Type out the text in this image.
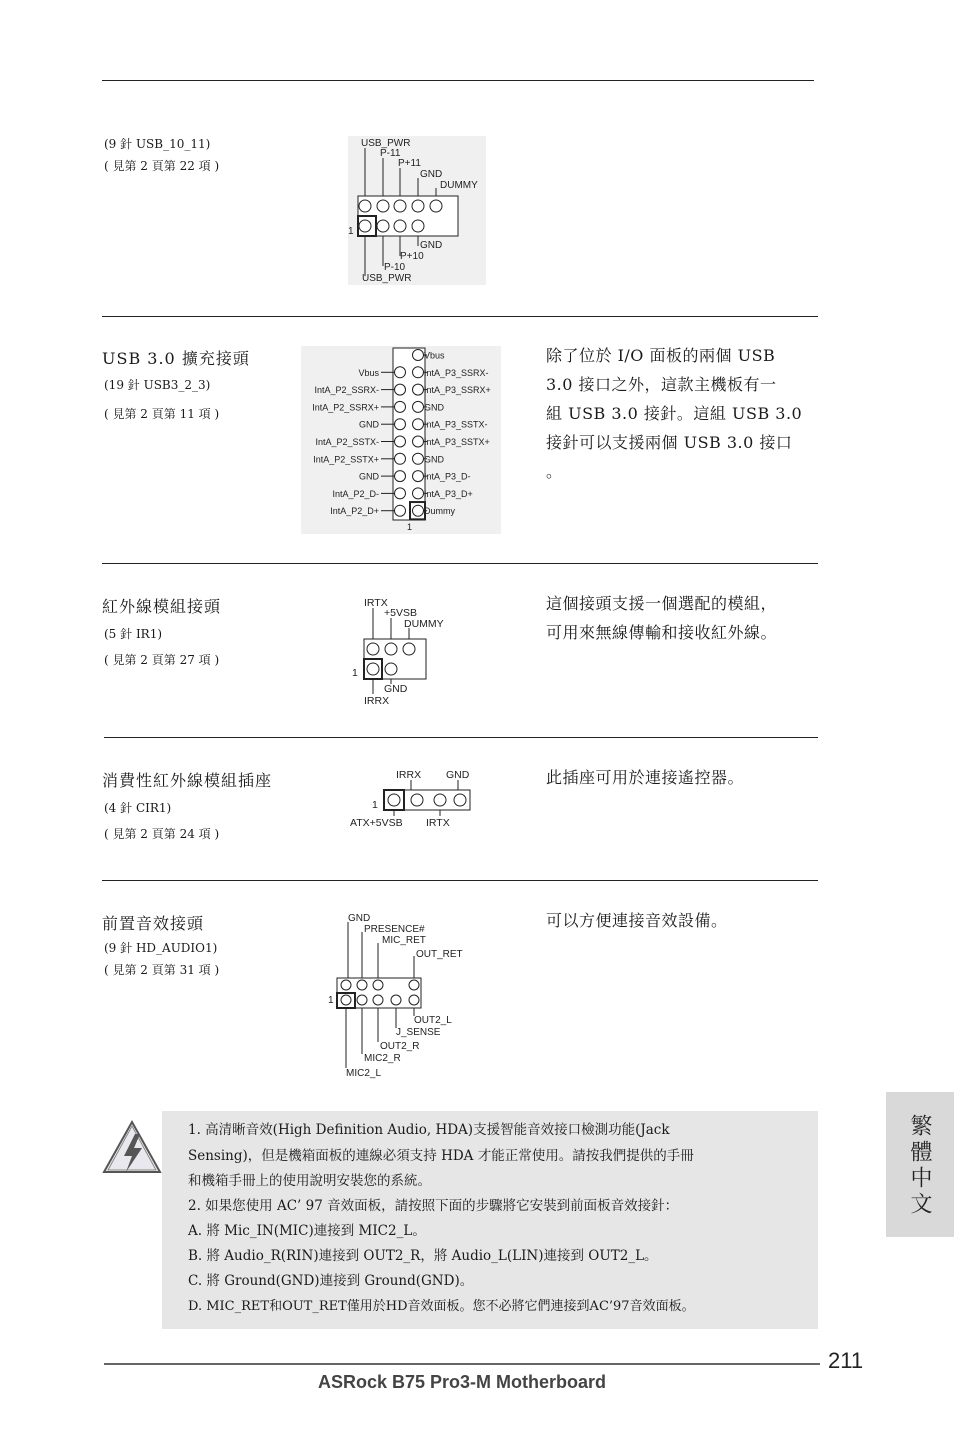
(9 針 USB_10_11)
( 見第 2 頁第 22 項 )
USB_PWR
P-11
P+11
GND
DUMMY
GND
P+10
P-10
USB_PWR
1
USB 3.0 擴充接頭
(19 針 USB3_2_3)
( 見第 2 頁第 11 項 )
Vbus
IntA_P3_SSRX-
IntA_P3_SSRX+
GND
IntA_P3_SSTX-
IntA_P3_SSTX+
GND
IntA_P3_D-
IntA_P3_D+
Dummy
Vbus
IntA_P2_SSRX-
IntA_P2_SSRX+
GND
IntA_P2_SSTX-
IntA_P2_SSTX+
GND
IntA_P2_D-
IntA_P2_D+
1
除了位於 I/O 面板的兩個 USB
3.0 接口之外，這款主機板有一
組 USB 3.0 接針。這組 USB 3.0
接針可以支援兩個 USB 3.0 接口
。
紅外線模組接頭
(5 針 IR1)
( 見第 2 頁第 27 項 )
IRTX
+5VSB
DUMMY
GND
IRRX
1
這個接頭支援一個選配的模組，
可用來無線傳輸和接收紅外線。
消費性紅外線模組插座
(4 針 CIR1)
( 見第 2 頁第 24 項 )
IRRX GND
ATX+5VSB IRTX
1
此插座可用於連接遙控器。
前置音效接頭
(9 針 HD_AUDIO1)
( 見第 2 頁第 31 項 )
GND
PRESENCE#
MIC_RET
OUT_RET
OUT2_L
J_SENSE
OUT2_R
MIC2_R
MIC2_L
1
可以方便連接音效設備。
1. 高清晰音效(High Definition Audio, HDA)支援智能音效接口檢測功能(Jack
Sensing)，但是機箱面板的連線必須支持 HDA 才能正常使用。請按我們提供的手冊
和機箱手冊上的使用說明安裝您的系統。
2. 如果您使用 AC’ 97 音效面板，請按照下面的步驟將它安裝到前面板音效接針：
A. 將 Mic_IN(MIC)連接到 MIC2_L。
B. 將 Audio_R(RIN)連接到 OUT2_R，將 Audio_L(LIN)連接到 OUT2_L。
C. 將 Ground(GND)連接到 Ground(GND)。
D. MIC_RET和OUT_RET僅用於HD音效面板。您不必將它們連接到AC’97音效面板。
繁體中文
211
ASRock B75 Pro3-M Motherboard
